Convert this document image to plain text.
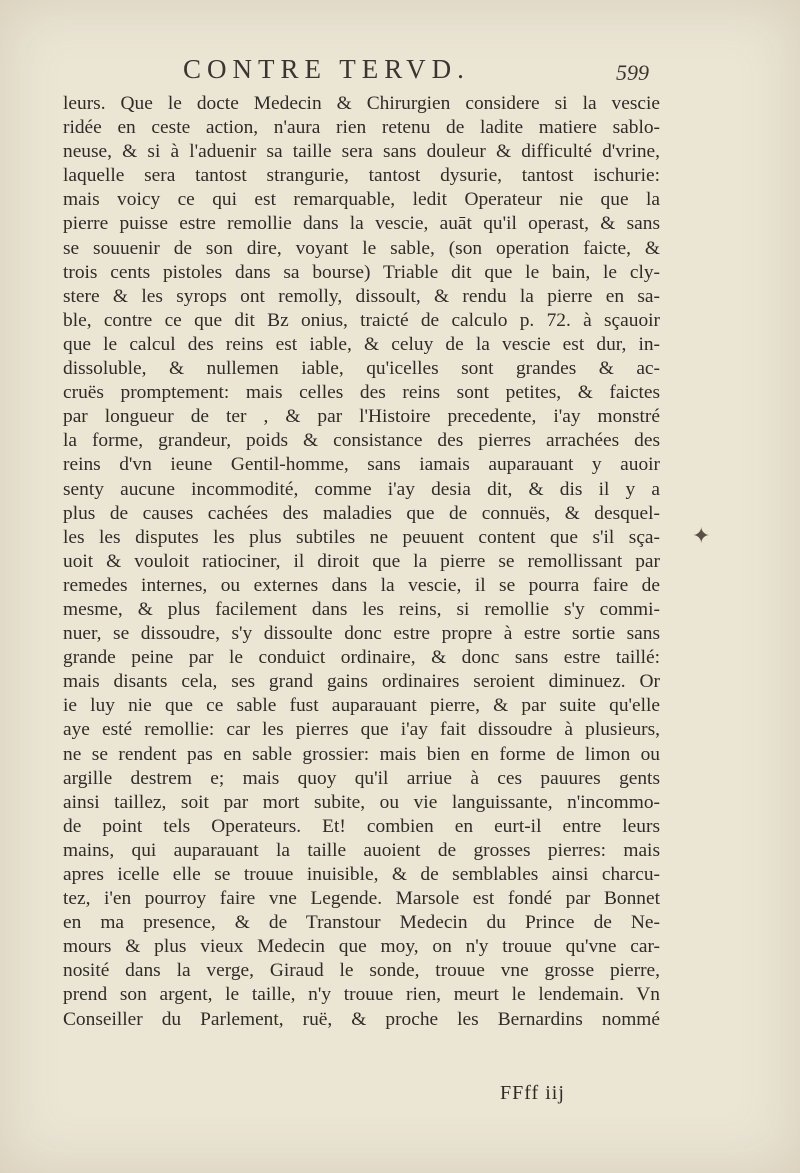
CONTRE TERVD.	599
leurs. Que le docte Medecin & Chirurgien considere si la vescie
ridée en ceste action, n'aura rien retenu de ladite matiere sablo-
neuse, & si à l'aduenir sa taille sera sans douleur & difficulté d'vrine,
laquelle sera tantost strangurie, tantost dysurie, tantost ischurie:
mais voicy ce qui est remarquable, ledit Operateur nie que la
pierre puisse estre remollie dans la vescie, auāt qu'il operast, & sans
se souuenir de son dire, voyant le sable, (son operation faicte, &
trois cents pistoles dans sa bourse) Triable dit que le bain, le cly-
stere & les syrops ont remolly, dissoult, & rendu la pierre en sa-
ble, contre ce que dit Bz onius, traicté de calculo p. 72. à sçauoir
que le calcul des reins est iable, & celuy de la vescie est dur, in-
dissoluble, & nullemen iable, qu'icelles sont grandes & ac-
cruës promptement: mais celles des reins sont petites, & faictes
par longueur de ter , & par l'Histoire precedente, i'ay monstré
la forme, grandeur, poids & consistance des pierres arrachées des
reins d'vn ieune Gentil-homme, sans iamais auparauant y auoir
senty aucune incommodité, comme i'ay desia dit, & dis il y a
plus de causes cachées des maladies que de connuës, & desquel-
les les disputes les plus subtiles ne peuuent content que s'il sça-
uoit & vouloit ratiociner, il diroit que la pierre se remollissant par
remedes internes, ou externes dans la vescie, il se pourra faire de
mesme, & plus facilement dans les reins, si remollie s'y commi-
nuer, se dissoudre, s'y dissoulte donc estre propre à estre sortie sans
grande peine par le conduict ordinaire, & donc sans estre taillé:
mais disants cela, ses grand gains ordinaires seroient diminuez. Or
ie luy nie que ce sable fust auparauant pierre, & par suite qu'elle
aye esté remollie: car les pierres que i'ay fait dissoudre à plusieurs,
ne se rendent pas en sable grossier: mais bien en forme de limon ou
argille destrem e; mais quoy qu'il arriue à ces pauures gents
ainsi taillez, soit par mort subite, ou vie languissante, n'incommo-
de point tels Operateurs. Et! combien en eurt-il entre leurs
mains, qui auparauant la taille auoient de grosses pierres: mais
apres icelle elle se trouue inuisible, & de semblables ainsi charcu-
tez, i'en pourroy faire vne Legende. Marsole est fondé par Bonnet
en ma presence, & de Transtour Medecin du Prince de Ne-
mours & plus vieux Medecin que moy, on n'y trouue qu'vne car-
nosité dans la verge, Giraud le sonde, trouue vne grosse pierre,
prend son argent, le taille, n'y trouue rien, meurt le lendemain. Vn
Conseiller du Parlement, ruë, & proche les Bernardins nommé
✦
FFff iij
